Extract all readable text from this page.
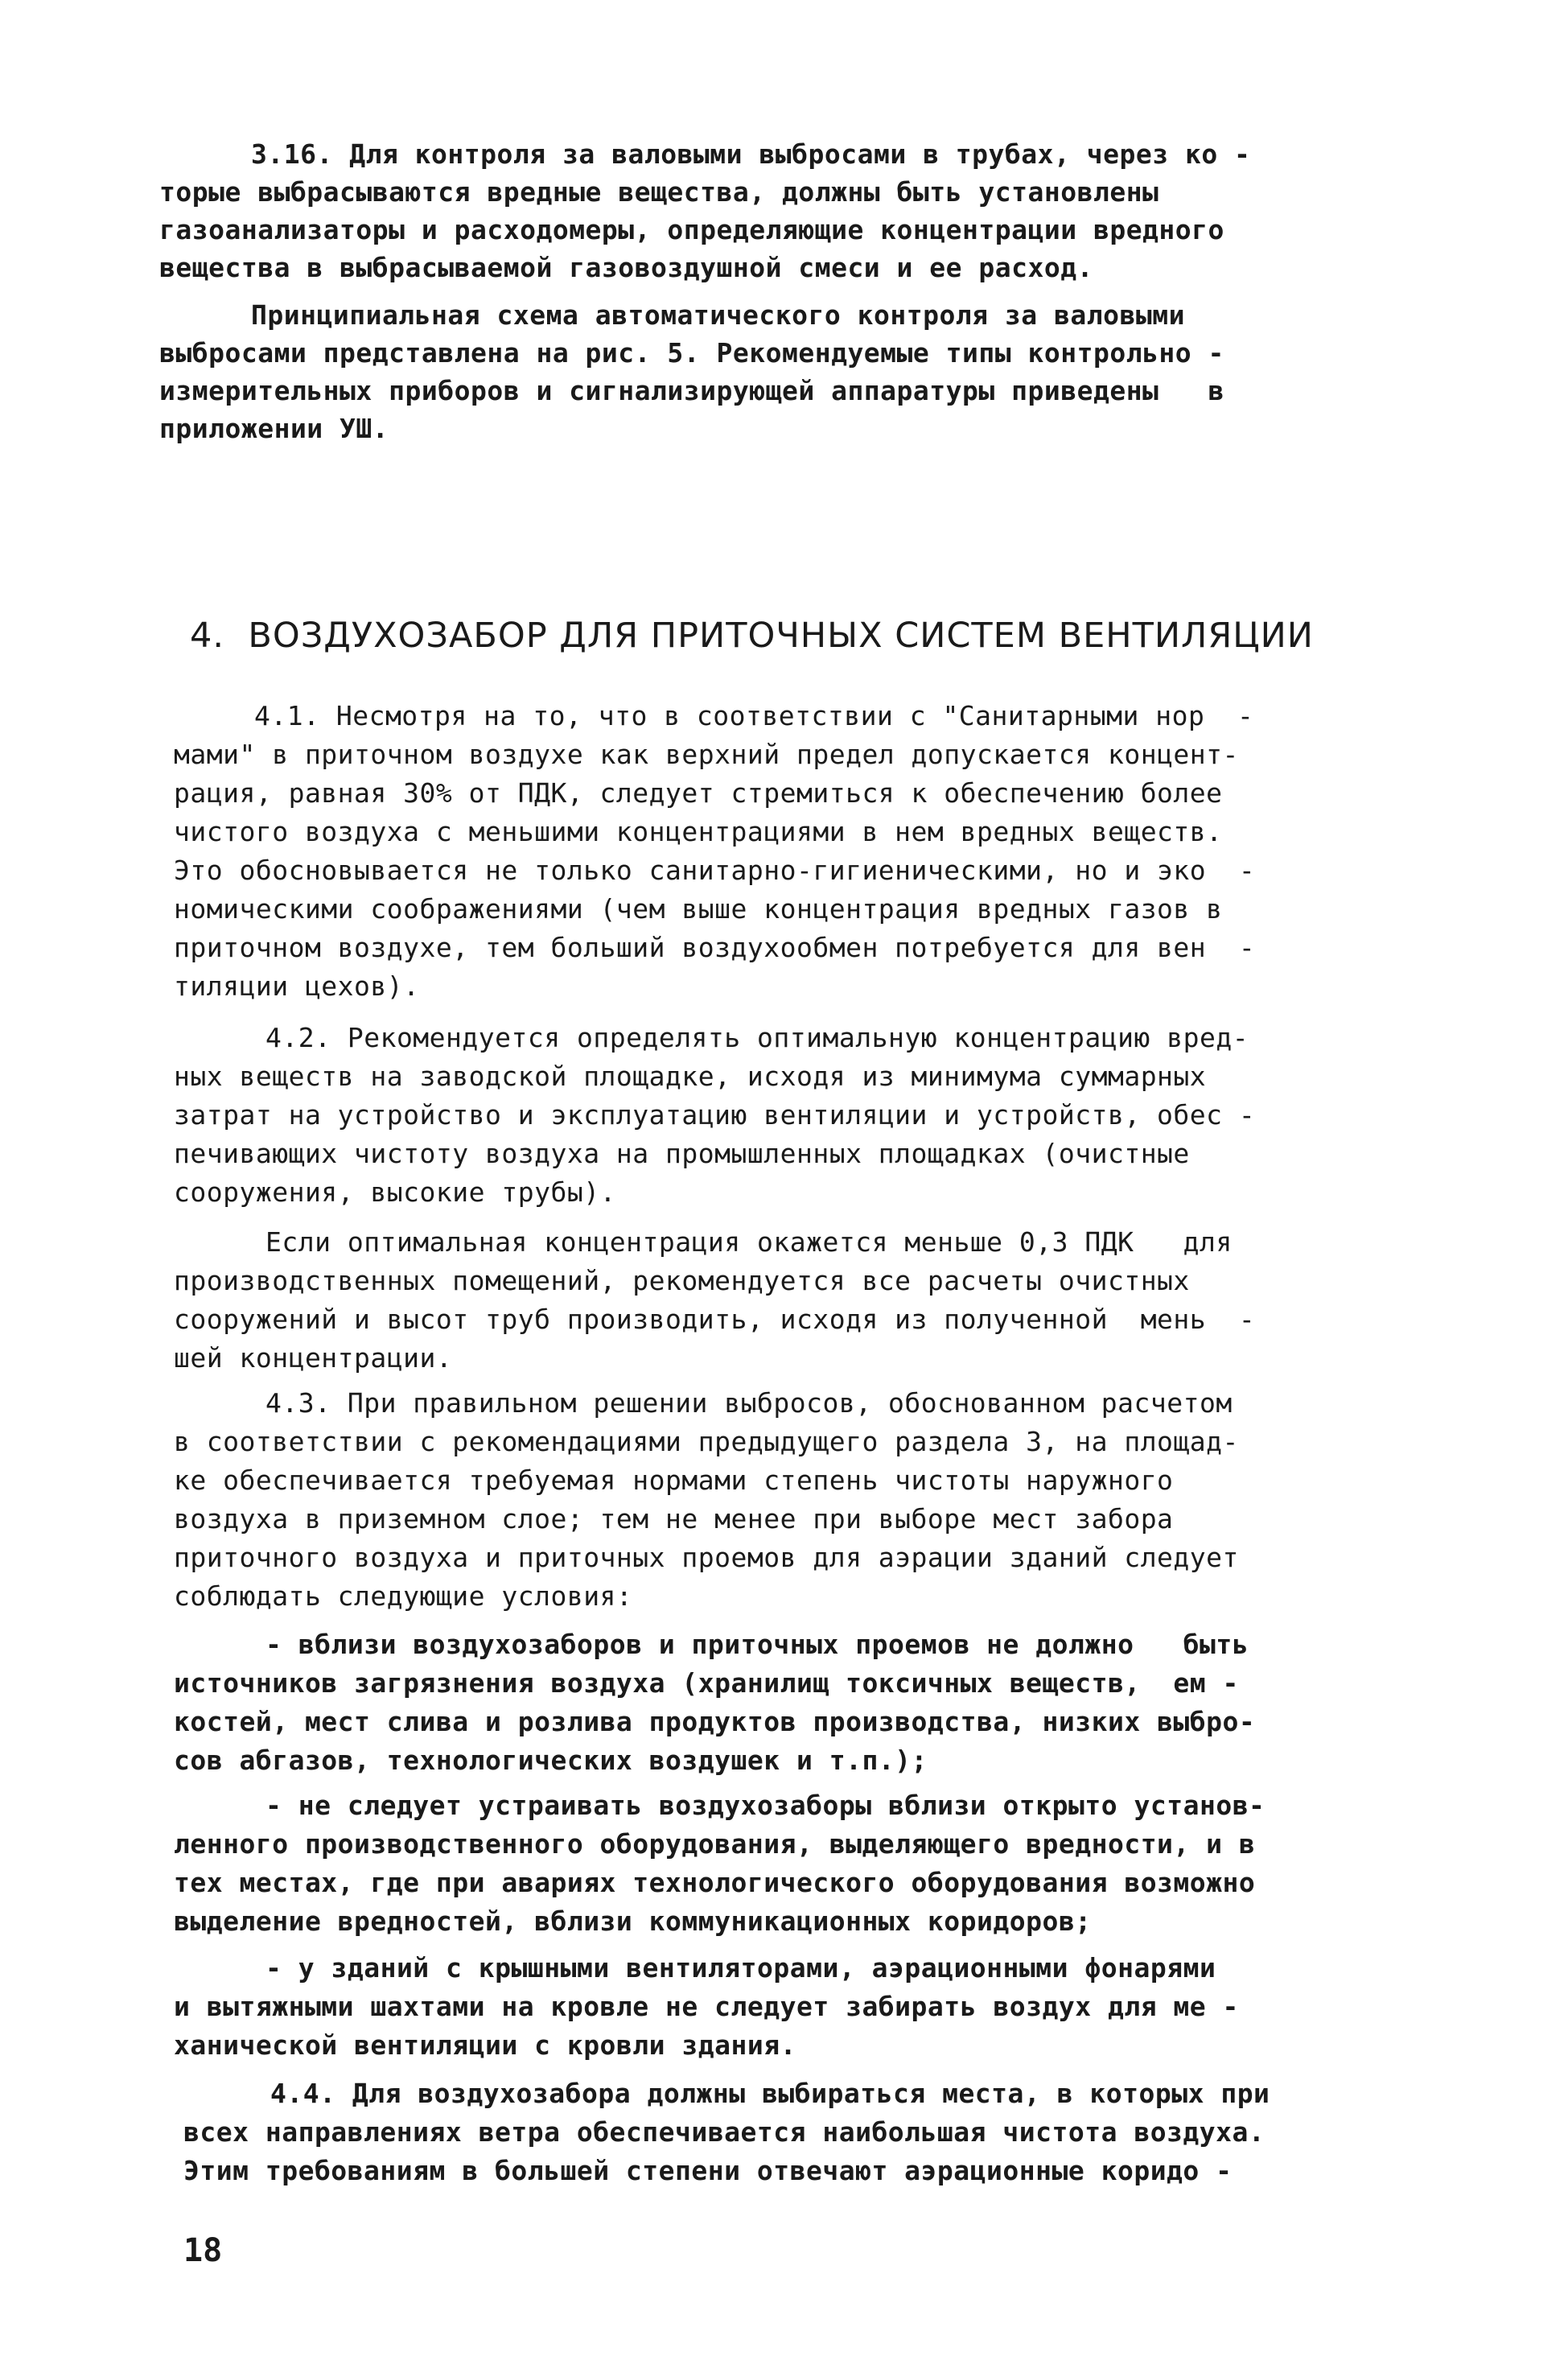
3.16. Для контроля за валовыми выбросами в трубах, через ко -
торые выбрасываются вредные вещества, должны быть установлены
газоанализаторы и расходомеры, определяющие концентрации вредного
вещества в выбрасываемой газовоздушной смеси и ее расход.
Принципиальная схема автоматического контроля за валовыми
выбросами представлена на рис. 5. Рекомендуемые типы контрольно -
измерительных приборов и сигнализирующей аппаратуры приведены   в
приложении УШ.
4.  ВОЗДУХОЗАБОР ДЛЯ ПРИТОЧНЫХ СИСТЕМ ВЕНТИЛЯЦИИ
4.1. Несмотря на то, что в соответствии с "Санитарными нор  -
мами" в приточном воздухе как верхний предел допускается концент-
рация, равная 30% от ПДК, следует стремиться к обеспечению более
чистого воздуха с меньшими концентрациями в нем вредных веществ.
Это обосновывается не только санитарно-гигиеническими, но и эко  -
номическими соображениями (чем выше концентрация вредных газов в
приточном воздухе, тем больший воздухообмен потребуется для вен  -
тиляции цехов).
4.2. Рекомендуется определять оптимальную концентрацию вред-
ных веществ на заводской площадке, исходя из минимума суммарных
затрат на устройство и эксплуатацию вентиляции и устройств, обес -
печивающих чистоту воздуха на промышленных площадках (очистные
сооружения, высокие трубы).
Если оптимальная концентрация окажется меньше 0,3 ПДК   для
производственных помещений, рекомендуется все расчеты очистных
сооружений и высот труб производить, исходя из полученной  мень  -
шей концентрации.
4.3. При правильном решении выбросов, обоснованном расчетом
в соответствии с рекомендациями предыдущего раздела 3, на площад-
ке обеспечивается требуемая нормами степень чистоты наружного
воздуха в приземном слое; тем не менее при выборе мест забора
приточного воздуха и приточных проемов для аэрации зданий следует
соблюдать следующие условия:
- вблизи воздухозаборов и приточных проемов не должно   быть
источников загрязнения воздуха (хранилищ токсичных веществ,  ем -
костей, мест слива и розлива продуктов производства, низких выбро-
сов абгазов, технологических воздушек и т.п.);
- не следует устраивать воздухозаборы вблизи открыто установ-
ленного производственного оборудования, выделяющего вредности, и в
тех местах, где при авариях технологического оборудования возможно
выделение вредностей, вблизи коммуникационных коридоров;
- у зданий с крышными вентиляторами, аэрационными фонарями
и вытяжными шахтами на кровле не следует забирать воздух для ме -
ханической вентиляции с кровли здания.
4.4. Для воздухозабора должны выбираться места, в которых при
всех направлениях ветра обеспечивается наибольшая чистота воздуха.
Этим требованиям в большей степени отвечают аэрационные коридо -
18
